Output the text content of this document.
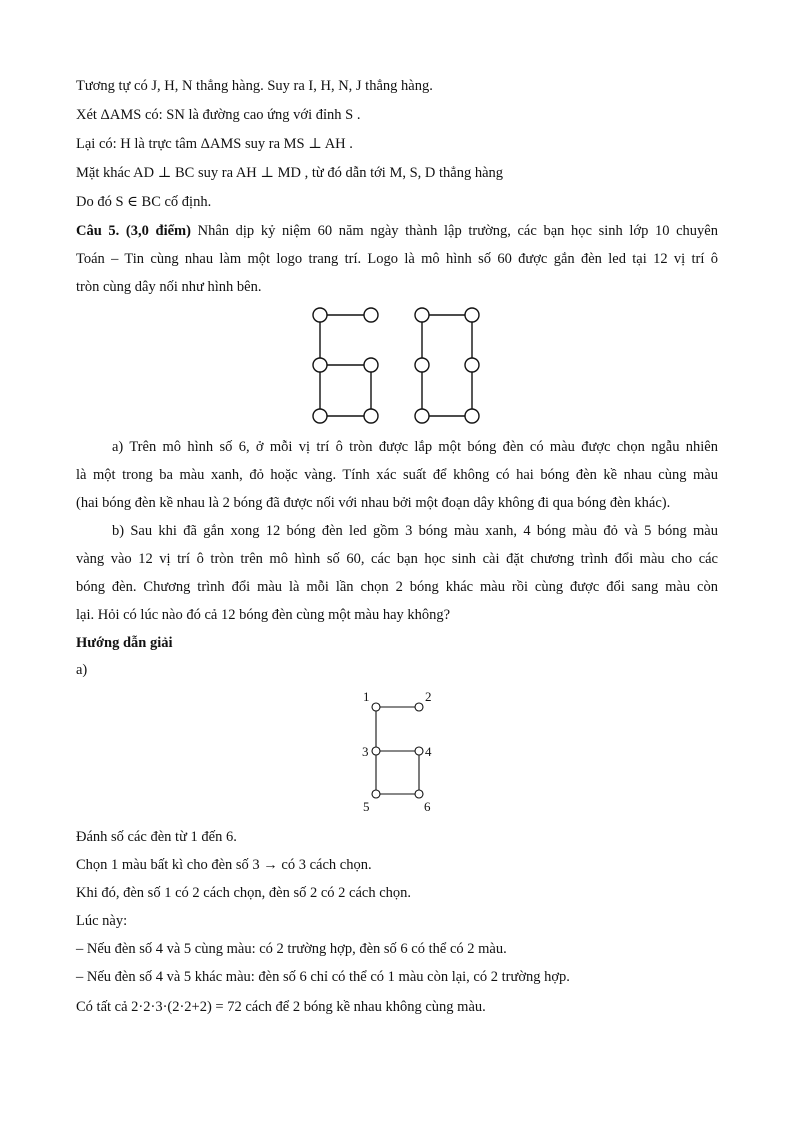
Tương tự có J, H, N thẳng hàng. Suy ra I, H, N, J thẳng hàng.
Xét ΔAMS có: SN là đường cao ứng với đỉnh S .
Lại có: H là trực tâm ΔAMS suy ra MS ⊥ AH .
Mặt khác AD ⊥ BC suy ra AH ⊥ MD , từ đó dẫn tới M, S, D thẳng hàng
Do đó S ∈ BC cố định.
Câu 5. (3,0 điểm) Nhân dịp kỷ niệm 60 năm ngày thành lập trường, các bạn học sinh lớp 10 chuyên
Toán – Tin cùng nhau làm một logo trang trí. Logo là mô hình số 60 được gắn đèn led tại 12 vị trí ô
tròn cùng dây nối như hình bên.
a) Trên mô hình số 6, ở mỗi vị trí ô tròn được lắp một bóng đèn có màu được chọn ngẫu nhiên
là một trong ba màu xanh, đỏ hoặc vàng. Tính xác suất để không có hai bóng đèn kề nhau cùng màu
(hai bóng đèn kề nhau là 2 bóng đã được nối với nhau bởi một đoạn dây không đi qua bóng đèn khác).
b) Sau khi đã gắn xong 12 bóng đèn led gồm 3 bóng màu xanh, 4 bóng màu đỏ và 5 bóng màu
vàng vào 12 vị trí ô tròn trên mô hình số 60, các bạn học sinh cài đặt chương trình đổi màu cho các
bóng đèn. Chương trình đổi màu là mỗi lần chọn 2 bóng khác màu rồi cùng được đổi sang màu còn
lại. Hỏi có lúc nào đó cả 12 bóng đèn cùng một màu hay không?
Hướng dẫn giải
a)
1	2
3	4
5	6
Đánh số các đèn từ 1 đến 6.
Chọn 1 màu bất kì cho đèn số 3 → có 3 cách chọn.
Khi đó, đèn số 1 có 2 cách chọn, đèn số 2 có 2 cách chọn.
Lúc này:
– Nếu đèn số 4 và 5 cùng màu: có 2 trường hợp, đèn số 6 có thể có 2 màu.
– Nếu đèn số 4 và 5 khác màu: đèn số 6 chỉ có thể có 1 màu còn lại, có 2 trường hợp.
Có tất cả 2·2·3·(2·2+2) = 72 cách để 2 bóng kề nhau không cùng màu.
